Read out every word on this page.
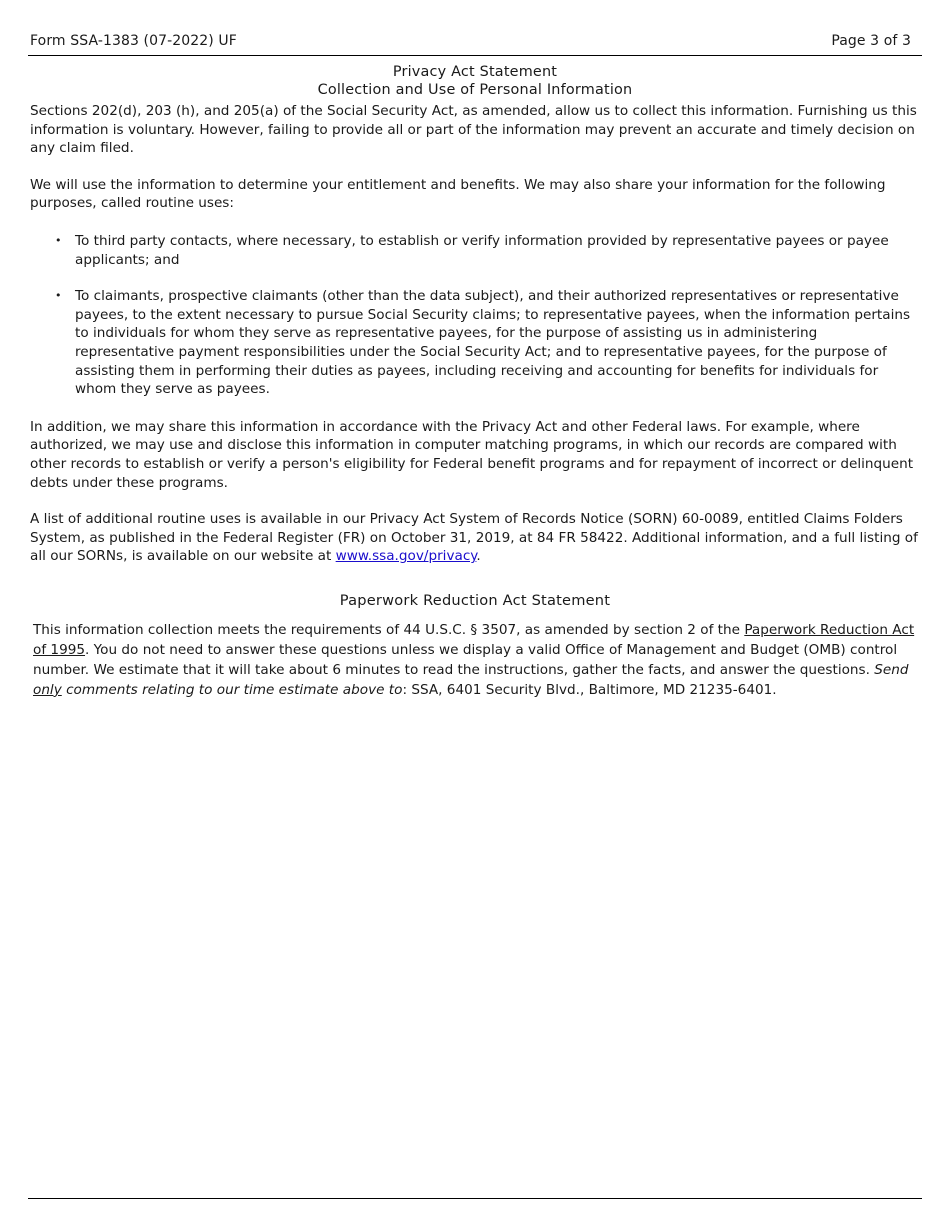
Form SSA-1383 (07-2022) UF	Page 3 of 3
Privacy Act Statement
Collection and Use of Personal Information

Sections 202(d), 203 (h), and 205(a) of the Social Security Act, as amended, allow us to collect this information. Furnishing us this information is voluntary. However, failing to provide all or part of the information may prevent an accurate and timely decision on any claim filed.

We will use the information to determine your entitlement and benefits. We may also share your information for the following purposes, called routine uses:

• To third party contacts, where necessary, to establish or verify information provided by representative payees or payee applicants; and
• To claimants, prospective claimants (other than the data subject), and their authorized representatives or representative payees, to the extent necessary to pursue Social Security claims; to representative payees, when the information pertains to individuals for whom they serve as representative payees, for the purpose of assisting us in administering representative payment responsibilities under the Social Security Act; and to representative payees, for the purpose of assisting them in performing their duties as payees, including receiving and accounting for benefits for individuals for whom they serve as payees.

In addition, we may share this information in accordance with the Privacy Act and other Federal laws. For example, where authorized, we may use and disclose this information in computer matching programs, in which our records are compared with other records to establish or verify a person's eligibility for Federal benefit programs and for repayment of incorrect or delinquent debts under these programs.

A list of additional routine uses is available in our Privacy Act System of Records Notice (SORN) 60-0089, entitled Claims Folders System, as published in the Federal Register (FR) on October 31, 2019, at 84 FR 58422. Additional information, and a full listing of all our SORNs, is available on our website at www.ssa.gov/privacy.

Paperwork Reduction Act Statement

This information collection meets the requirements of 44 U.S.C. § 3507, as amended by section 2 of the Paperwork Reduction Act of 1995. You do not need to answer these questions unless we display a valid Office of Management and Budget (OMB) control number. We estimate that it will take about 6 minutes to read the instructions, gather the facts, and answer the questions. Send only comments relating to our time estimate above to: SSA, 6401 Security Blvd., Baltimore, MD 21235-6401.
